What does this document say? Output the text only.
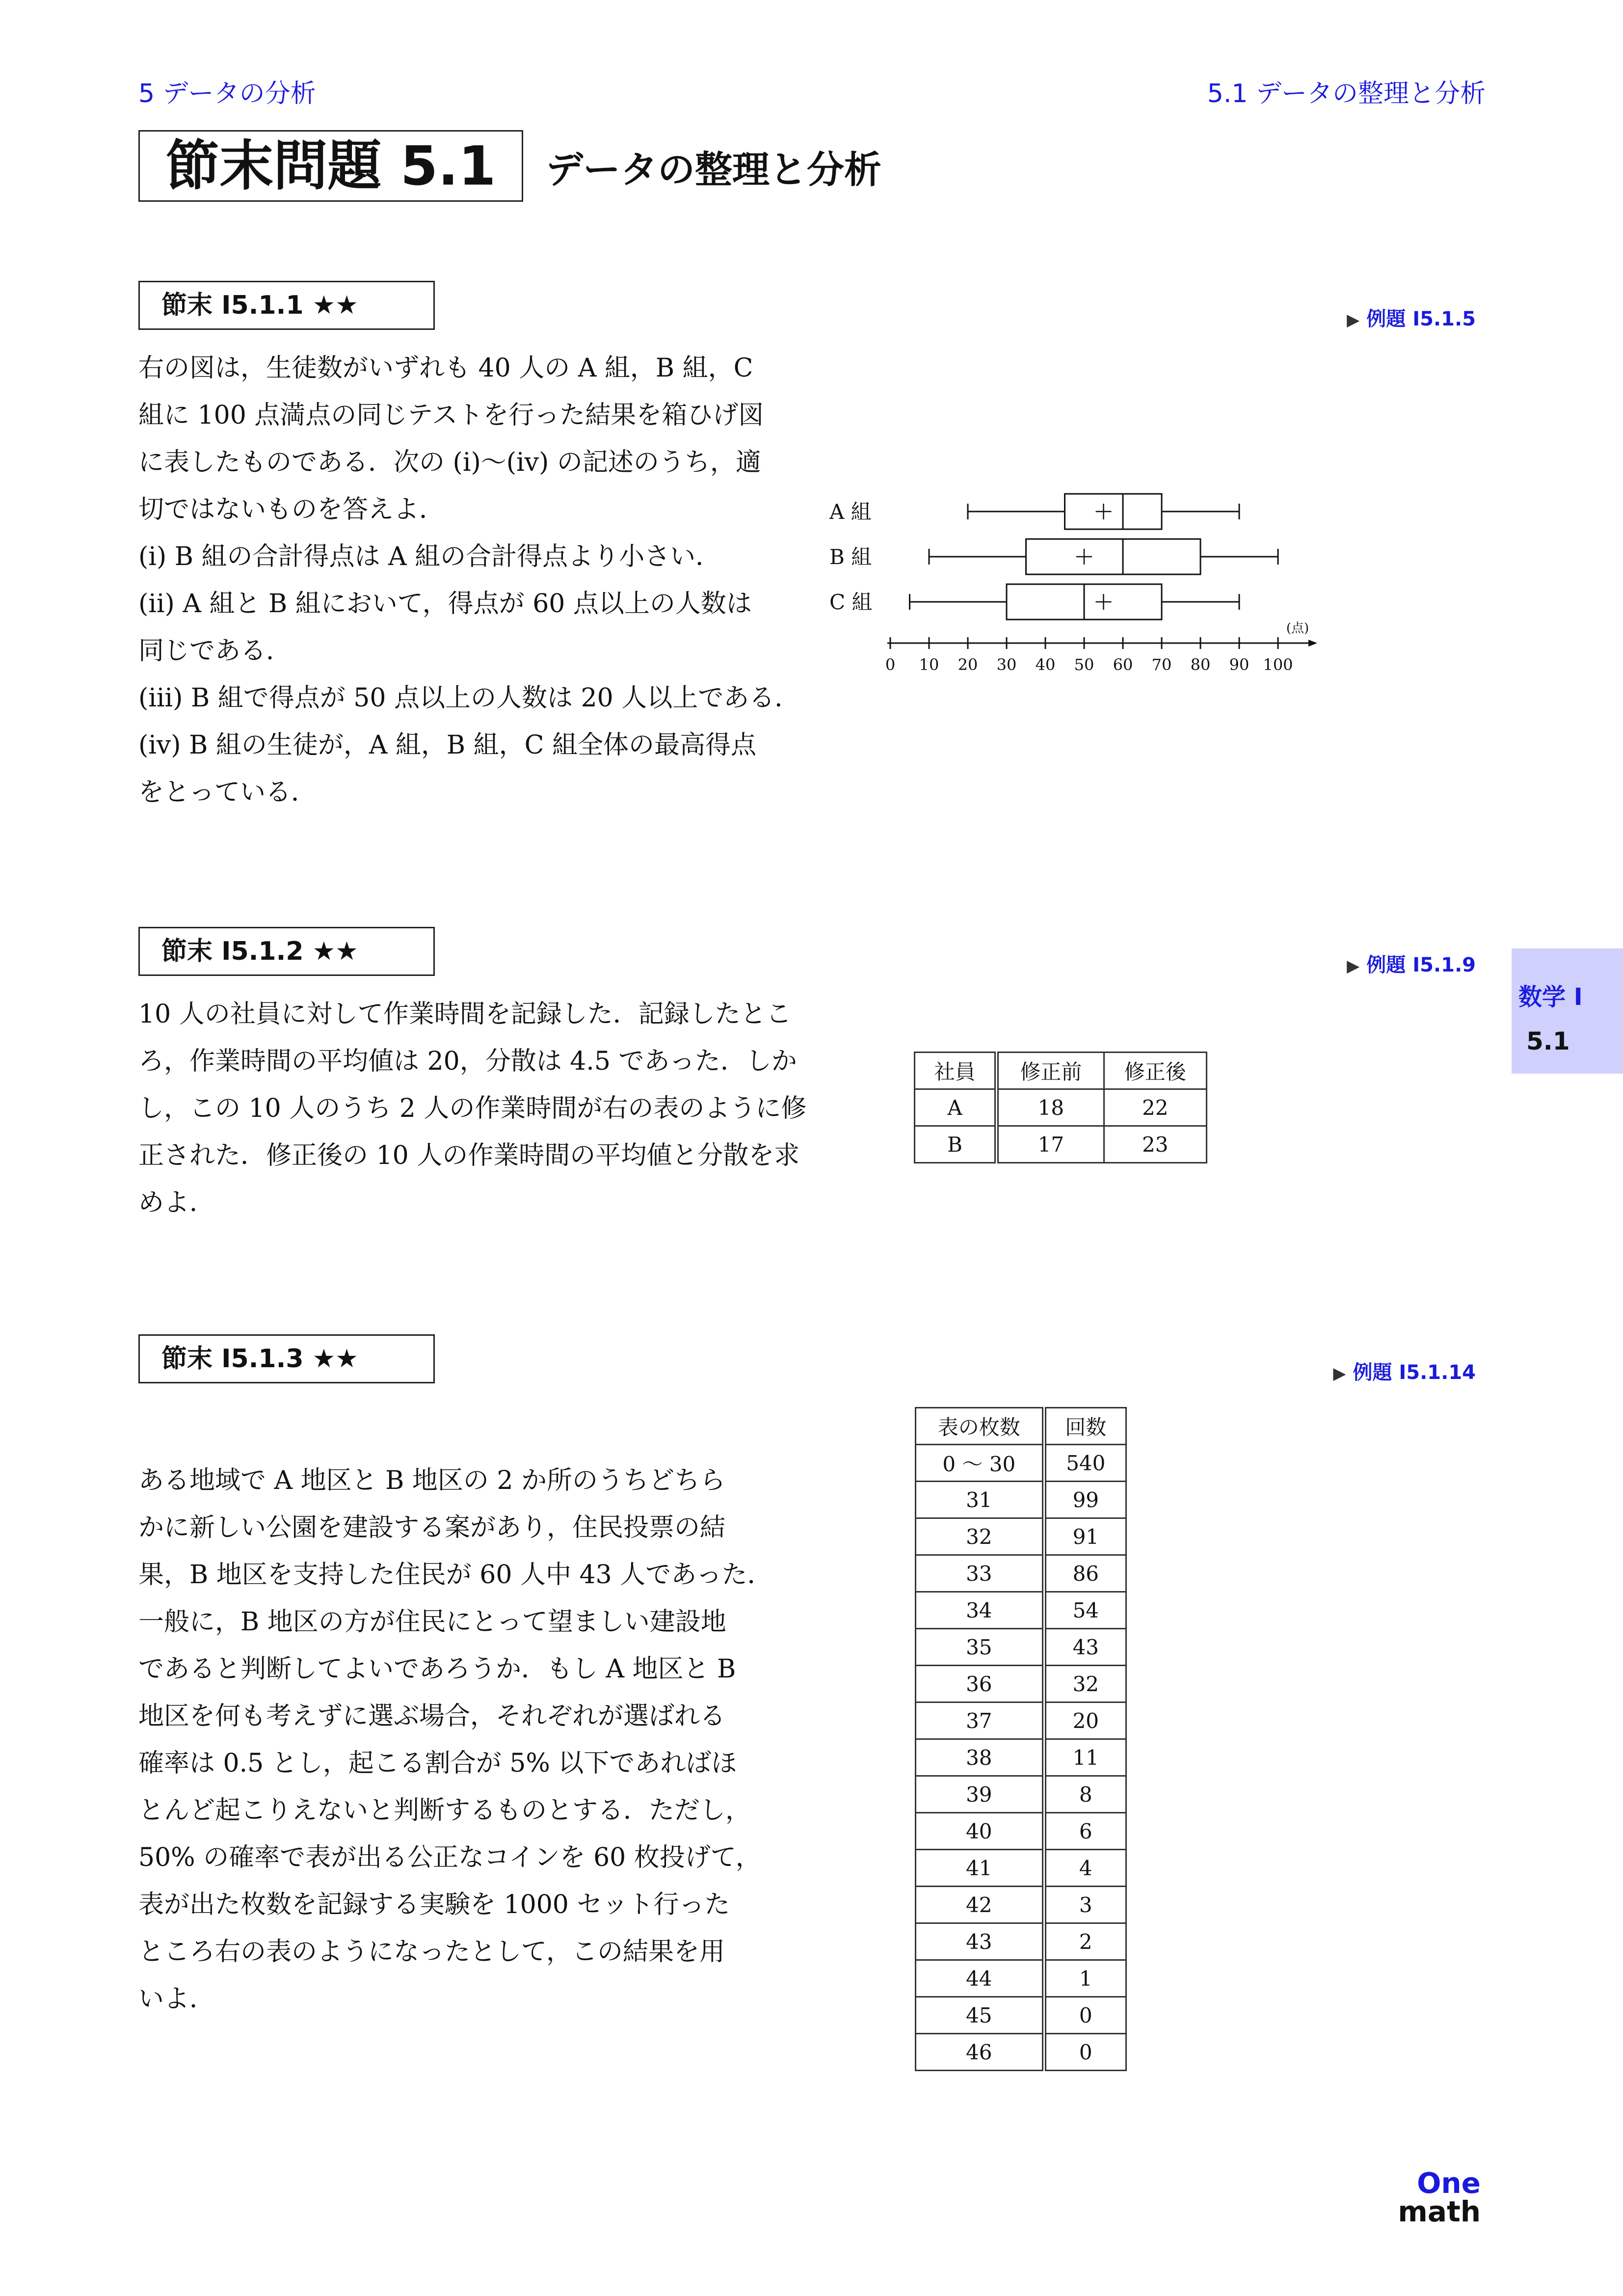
5 データの分析	5.1 データの整理と分析
節末問題 5.1	データの整理と分析
節末 I5.1.1 ★★	▶ 例題 I5.1.5
右の図は，生徒数がいずれも 40 人の A 組，B 組，C
組に 100 点満点の同じテストを行った結果を箱ひげ図
に表したものである．次の (i)〜(iv) の記述のうち，適
切ではないものを答えよ．
(i) B 組の合計得点は A 組の合計得点より小さい．
(ii) A 組と B 組において，得点が 60 点以上の人数は
同じである．
(iii) B 組で得点が 50 点以上の人数は 20 人以上である．
(iv) B 組の生徒が，A 組，B 組，C 組全体の最高得点
をとっている．
A 組
B 組
C 組
0 10 20 30 40 50 60 70 80 90 100
(点)
節末 I5.1.2 ★★	▶ 例題 I5.1.9
10 人の社員に対して作業時間を記録した．記録したとこ
ろ，作業時間の平均値は 20，分散は 4.5 であった．しか
し，この 10 人のうち 2 人の作業時間が右の表のように修
正された．修正後の 10 人の作業時間の平均値と分散を求
めよ．
社員	修正前	修正後
A	18	22
B	17	23
節末 I5.1.3 ★★	▶ 例題 I5.1.14
ある地域で A 地区と B 地区の 2 か所のうちどちら
かに新しい公園を建設する案があり，住民投票の結
果，B 地区を支持した住民が 60 人中 43 人であった．
一般に，B 地区の方が住民にとって望ましい建設地
であると判断してよいであろうか．もし A 地区と B
地区を何も考えずに選ぶ場合，それぞれが選ばれる
確率は 0.5 とし，起こる割合が 5% 以下であればほ
とんど起こりえないと判断するものとする．ただし，
50% の確率で表が出る公正なコインを 60 枚投げて，
表が出た枚数を記録する実験を 1000 セット行った
ところ右の表のようになったとして，この結果を用
いよ．
表の枚数	回数
0 ～ 30	540
31	99
32	91
33	86
34	54
35	43
36	32
37	20
38	11
39	8
40	6
41	4
42	3
43	2
44	1
45	0
46	0
数学 I
5.1
One
math
